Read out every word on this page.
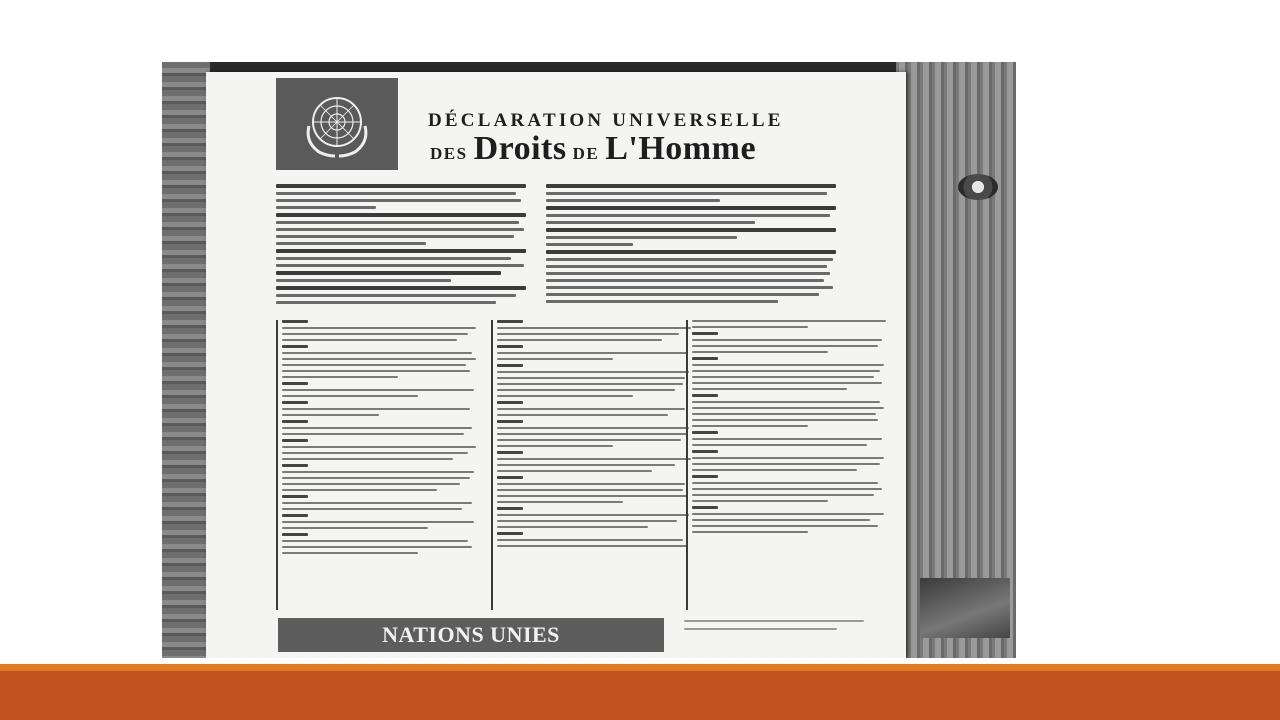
DÉCLARATION UNIVERSELLE
DES Droits DE L'Homme
NATIONS UNIES
